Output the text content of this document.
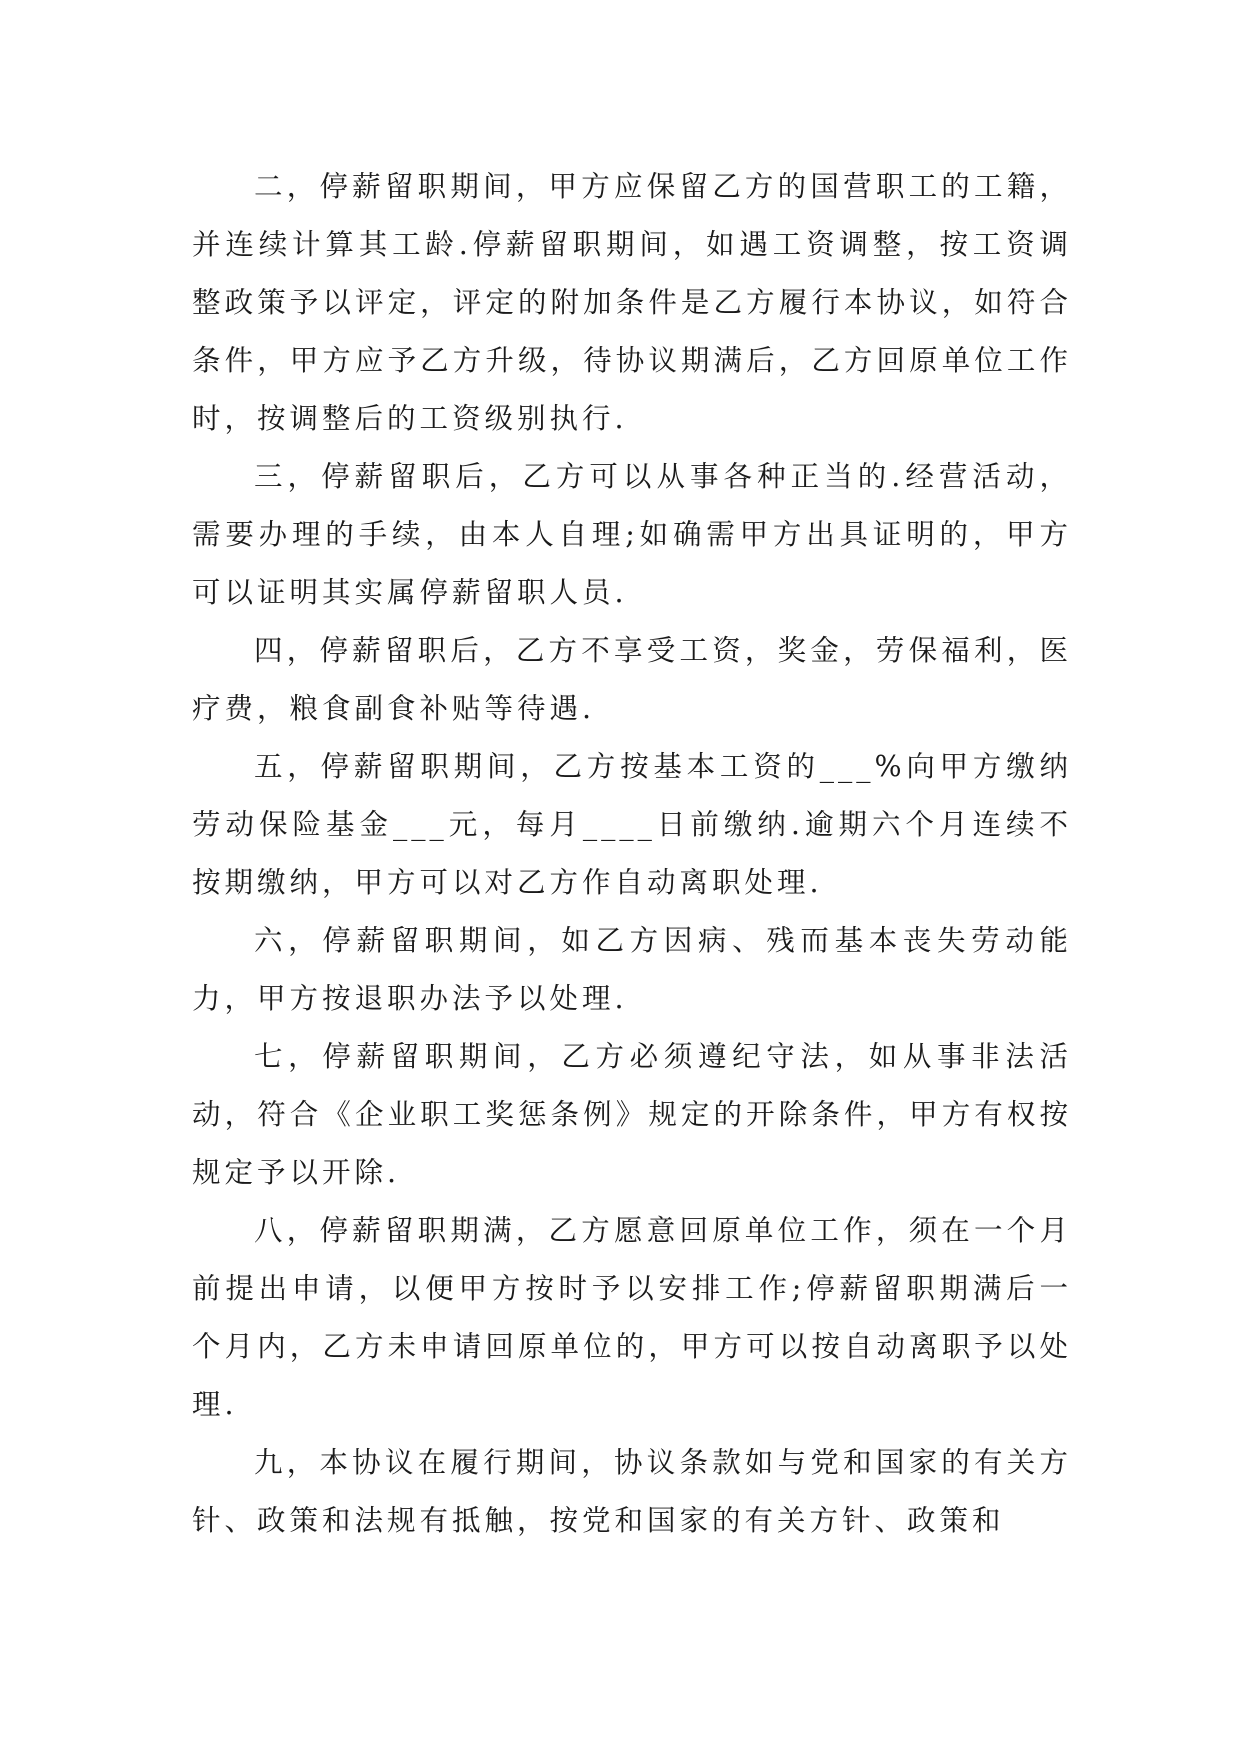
二，停薪留职期间，甲方应保留乙方的国营职工的工籍，并连续计算其工龄.停薪留职期间，如遇工资调整，按工资调整政策予以评定，评定的附加条件是乙方履行本协议，如符合条件，甲方应予乙方升级，待协议期满后，乙方回原单位工作时，按调整后的工资级别执行.

三，停薪留职后，乙方可以从事各种正当的.经营活动，需要办理的手续，由本人自理;如确需甲方出具证明的，甲方可以证明其实属停薪留职人员.

四，停薪留职后，乙方不享受工资，奖金，劳保福利，医疗费，粮食副食补贴等待遇.

五，停薪留职期间，乙方按基本工资的___%向甲方缴纳劳动保险基金___元，每月____日前缴纳.逾期六个月连续不按期缴纳，甲方可以对乙方作自动离职处理.

六，停薪留职期间，如乙方因病、残而基本丧失劳动能力，甲方按退职办法予以处理.

七，停薪留职期间，乙方必须遵纪守法，如从事非法活动，符合《企业职工奖惩条例》规定的开除条件，甲方有权按规定予以开除.

八，停薪留职期满，乙方愿意回原单位工作，须在一个月前提出申请，以便甲方按时予以安排工作;停薪留职期满后一个月内，乙方未申请回原单位的，甲方可以按自动离职予以处理.

九，本协议在履行期间，协议条款如与党和国家的有关方针、政策和法规有抵触，按党和国家的有关方针、政策和
